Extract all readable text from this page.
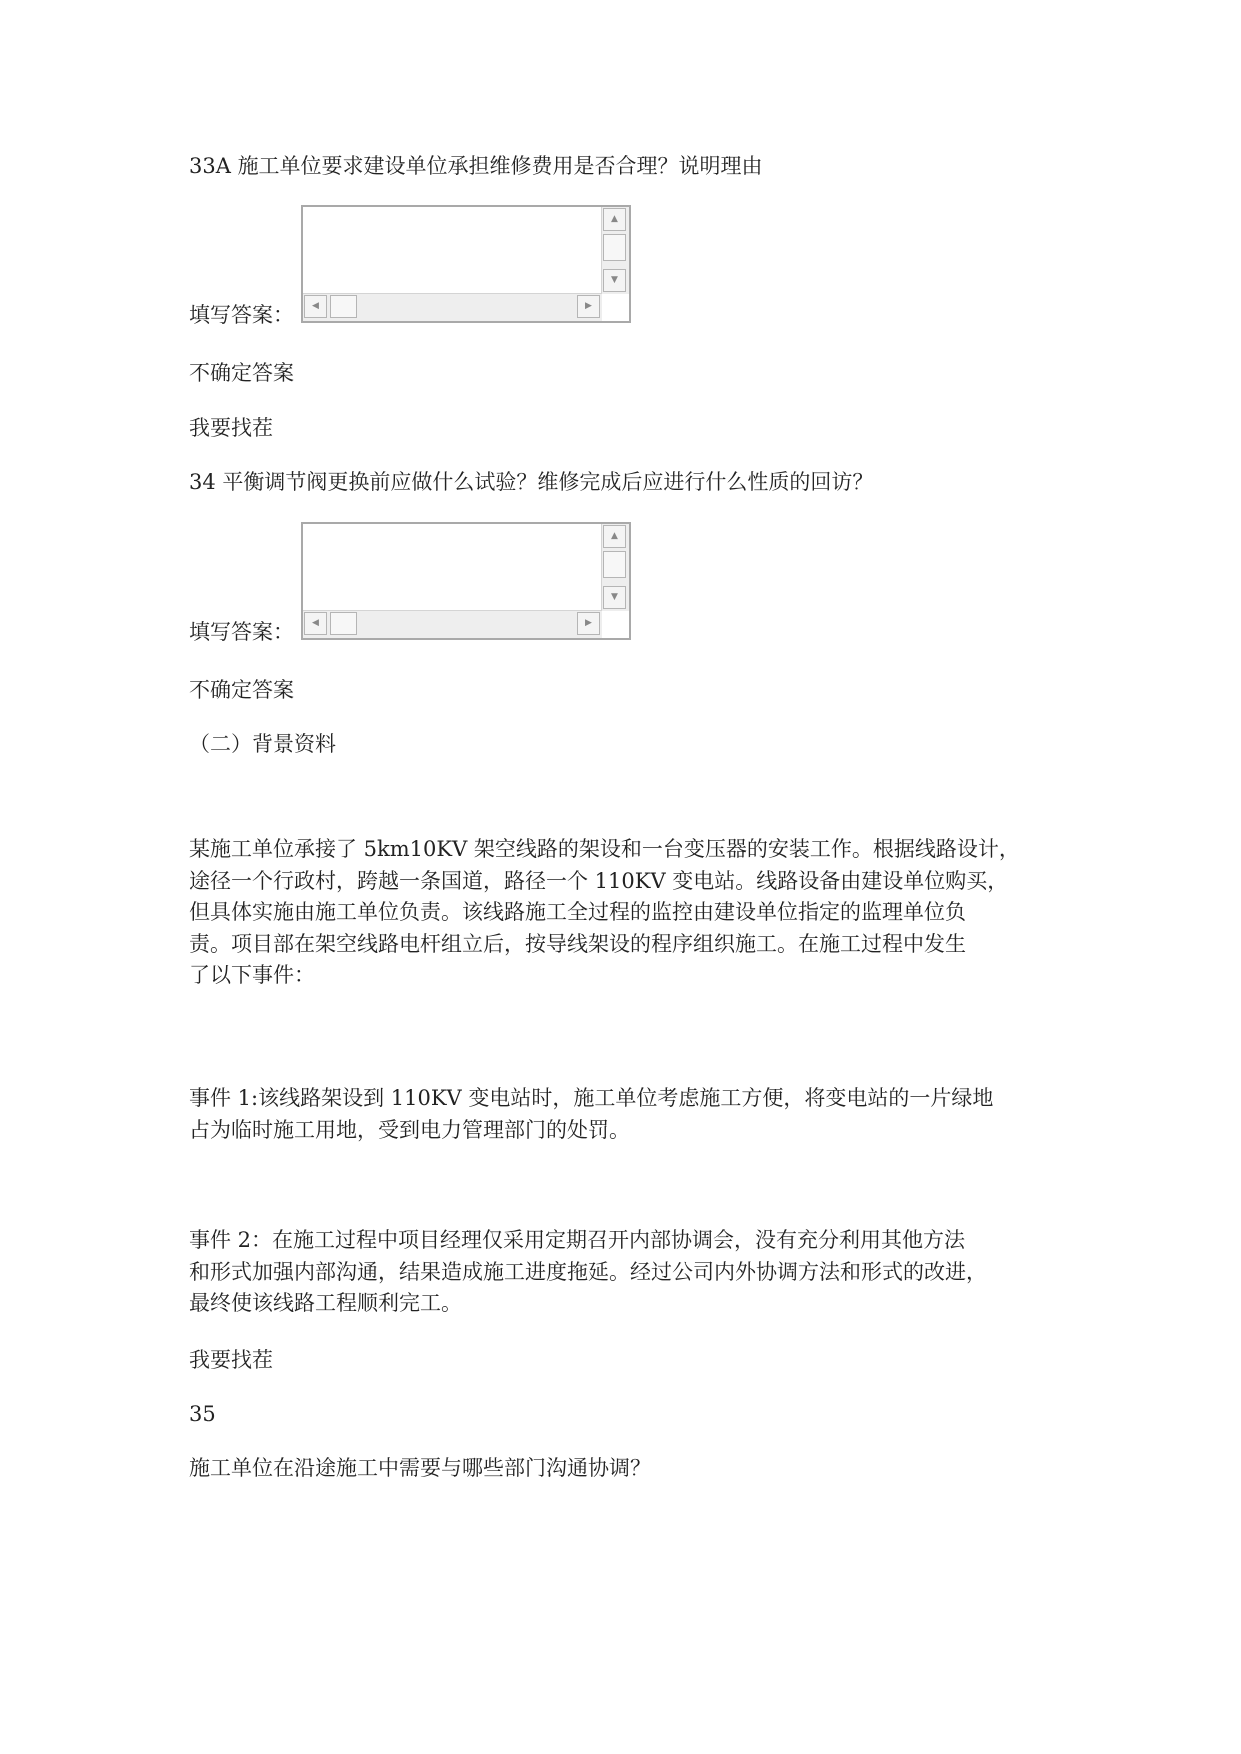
33A 施工单位要求建设单位承担维修费用是否合理？说明理由
填写答案：
▲
▼
◀	▶
不确定答案
我要找茬
34 平衡调节阀更换前应做什么试验？维修完成后应进行什么性质的回访？
填写答案：
▲
▼
◀	▶
不确定答案
（二）背景资料
某施工单位承接了 5km10KV 架空线路的架设和一台变压器的安装工作。根据线路设计，
途径一个行政村，跨越一条国道，路径一个 110KV 变电站。线路设备由建设单位购买，
但具体实施由施工单位负责。该线路施工全过程的监控由建设单位指定的监理单位负
责。项目部在架空线路电杆组立后，按导线架设的程序组织施工。在施工过程中发生
了以下事件：
事件 1:该线路架设到 110KV 变电站时，施工单位考虑施工方便，将变电站的一片绿地
占为临时施工用地，受到电力管理部门的处罚。
事件 2：在施工过程中项目经理仅采用定期召开内部协调会，没有充分利用其他方法
和形式加强内部沟通，结果造成施工进度拖延。经过公司内外协调方法和形式的改进，
最终使该线路工程顺利完工。
我要找茬
35
施工单位在沿途施工中需要与哪些部门沟通协调？
